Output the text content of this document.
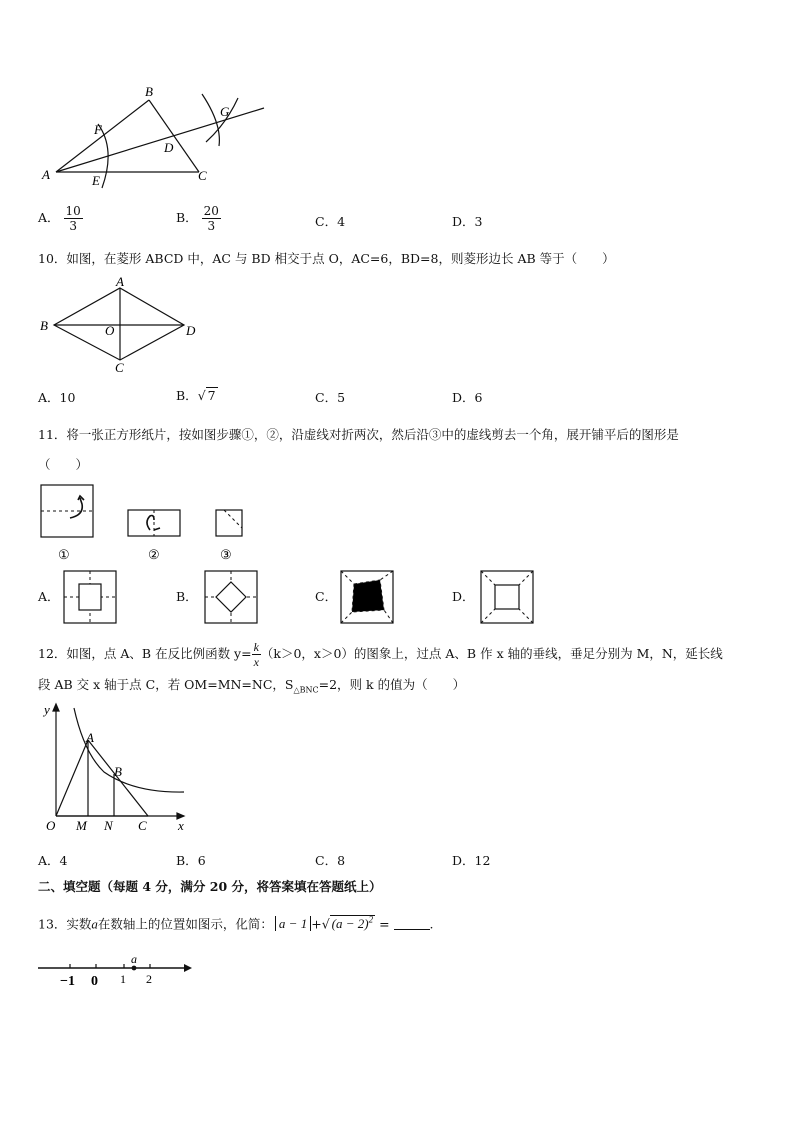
A
B
C
D
E
F
G
A． $\frac{10}{3}$	B． $\frac{20}{3}$	C．4	D．3
10．如图，在菱形 ABCD 中，AC 与 BD 相交于点 O，AC=6，BD=8，则菱形边长 AB 等于（　　）
A
B
C
D
O
A．10	B．√ 7	C．5	D．6
11．将一张正方形纸片，按如图步骤①，②，沿虚线对折两次，然后沿③中的虚线剪去一个角，展开铺平后的图形是
（　　）
①	②	③
A．	B．	C．	D．
12．如图，点 A、B 在反比例函数 $y= \frac{k}{x} (k>0$，x＞0）的图象上，过点 A、B 作 x 轴的垂线，垂足分别为 M，N，延长线
段 AB 交 x 轴于点 C，若 OM=MN=NC，$S_{\triangle BNC}=2$，则 k 的值为（　　）
y
x
A
B
O M N C
A．4	B．6	C．8	D．12
二、填空题（每题 4 分，满分 20 分，将答案填在答题纸上）
13．实数a在数轴上的位置如图示，化简： a − 1 +√ $(a - 2)^2$ =	.
a
−1 0 1 2
